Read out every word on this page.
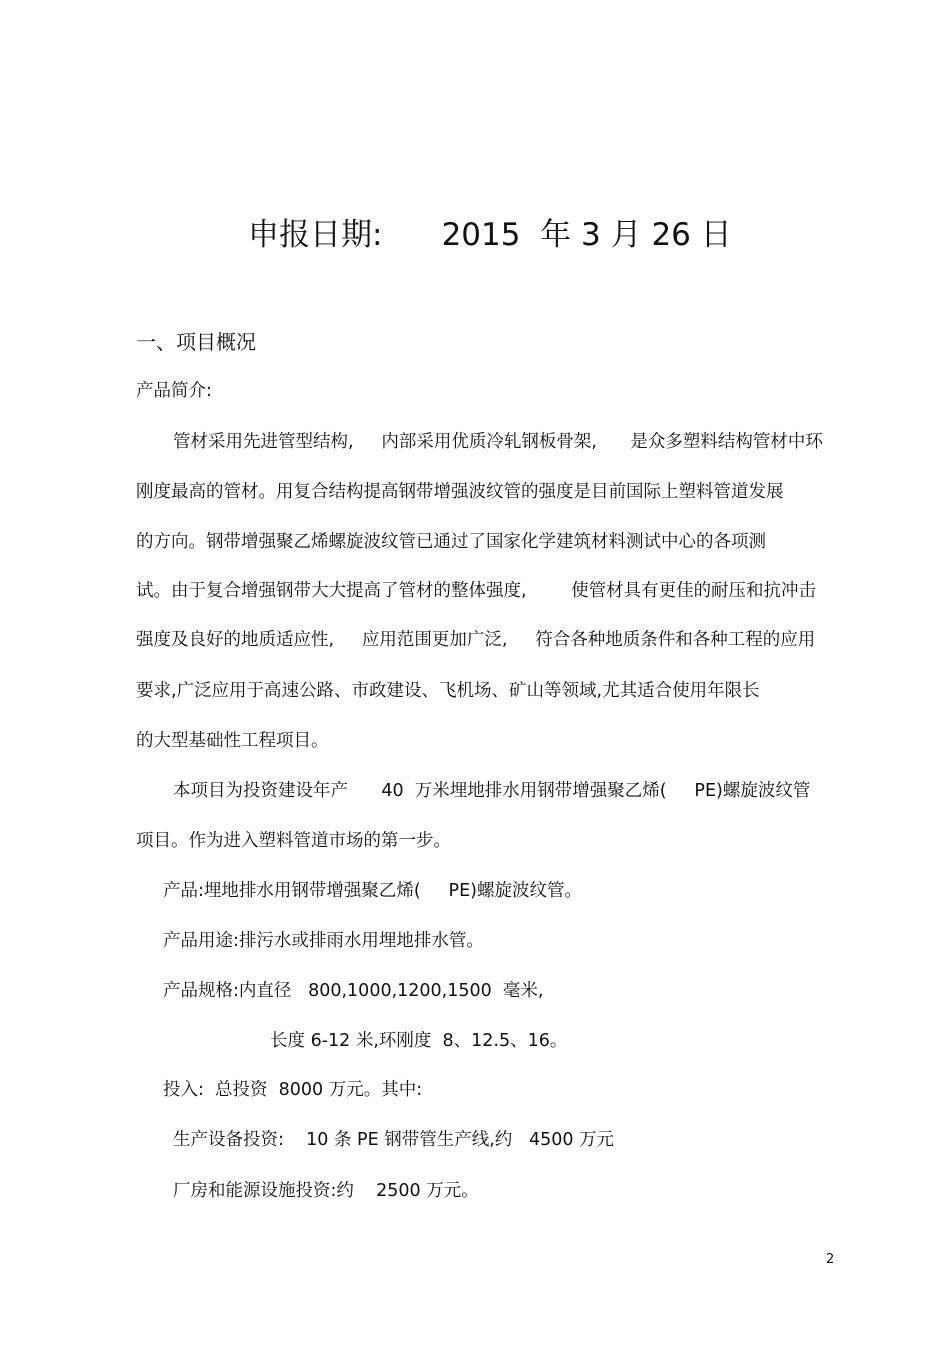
申报日期:      2015  年 3 月 26 日
一、项目概况
产品简介:
管材采用先进管型结构,     内部采用优质冷轧钢板骨架,      是众多塑料结构管材中环
刚度最高的管材。用复合结构提高钢带增强波纹管的强度是目前国际上塑料管道发展
的方向。钢带增强聚乙烯螺旋波纹管已通过了国家化学建筑材料测试中心的各项测
试。由于复合增强钢带大大提高了管材的整体强度,        使管材具有更佳的耐压和抗冲击
强度及良好的地质适应性,     应用范围更加广泛,     符合各种地质条件和各种工程的应用
要求,广泛应用于高速公路、市政建设、飞机场、矿山等领域,尤其适合使用年限长
的大型基础性工程项目。
本项目为投资建设年产      40  万米埋地排水用钢带增强聚乙烯(     PE)螺旋波纹管
项目。作为进入塑料管道市场的第一步。
产品:埋地排水用钢带增强聚乙烯(     PE)螺旋波纹管。
产品用途:排污水或排雨水用埋地排水管。
产品规格:内直径   800,1000,1200,1500  毫米,
长度 6-12 米,环刚度  8、12.5、16。
投入:  总投资  8000 万元。其中:
生产设备投资:    10 条 PE 钢带管生产线,约   4500 万元
厂房和能源设施投资:约    2500 万元。
2
